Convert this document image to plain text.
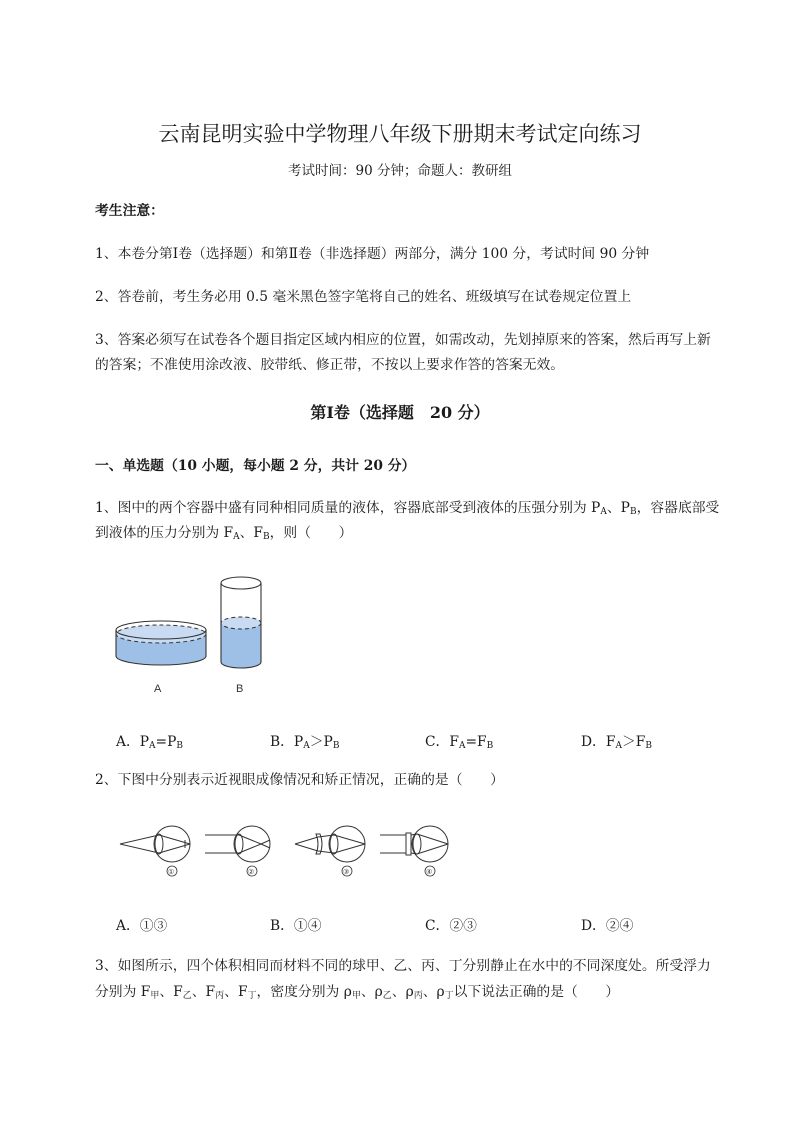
云南昆明实验中学物理八年级下册期末考试定向练习
考试时间：90 分钟；命题人：教研组
考生注意：
1、本卷分第Ⅰ卷（选择题）和第Ⅱ卷（非选择题）两部分，满分 100 分，考试时间 90 分钟
2、答卷前，考生务必用 0.5 毫米黑色签字笔将自己的姓名、班级填写在试卷规定位置上
3、答案必须写在试卷各个题目指定区域内相应的位置，如需改动，先划掉原来的答案，然后再写上新
的答案；不准使用涂改液、胶带纸、修正带，不按以上要求作答的答案无效。
第Ⅰ卷（选择题　20 分）
一、单选题（10 小题，每小题 2 分，共计 20 分）
1、图中的两个容器中盛有同种相同质量的液体，容器底部受到液体的压强分别为 $P_A$、$P_B$，容器底部受
到液体的压力分别为 $F_A$、$F_B$，则（　　）
A	B
A．$P_A=P_B$	B．$P_A>P_B$	C．$F_A=F_B$	D．$F_A>F_B$
2、下图中分别表示近视眼成像情况和矫正情况，正确的是（　　）
①	②	③	④
A．①③	B．①④	C．②③	D．②④
3、如图所示，四个体积相同而材料不同的球甲、乙、丙、丁分别静止在水中的不同深度处。所受浮力
分别为 $F_甲$、$F_乙$、$F_丙$、$F_丁$，密度分别为 $\rho_甲$、$\rho_乙$、$\rho_丙$、$\rho_丁$以下说法正确的是（　　）
